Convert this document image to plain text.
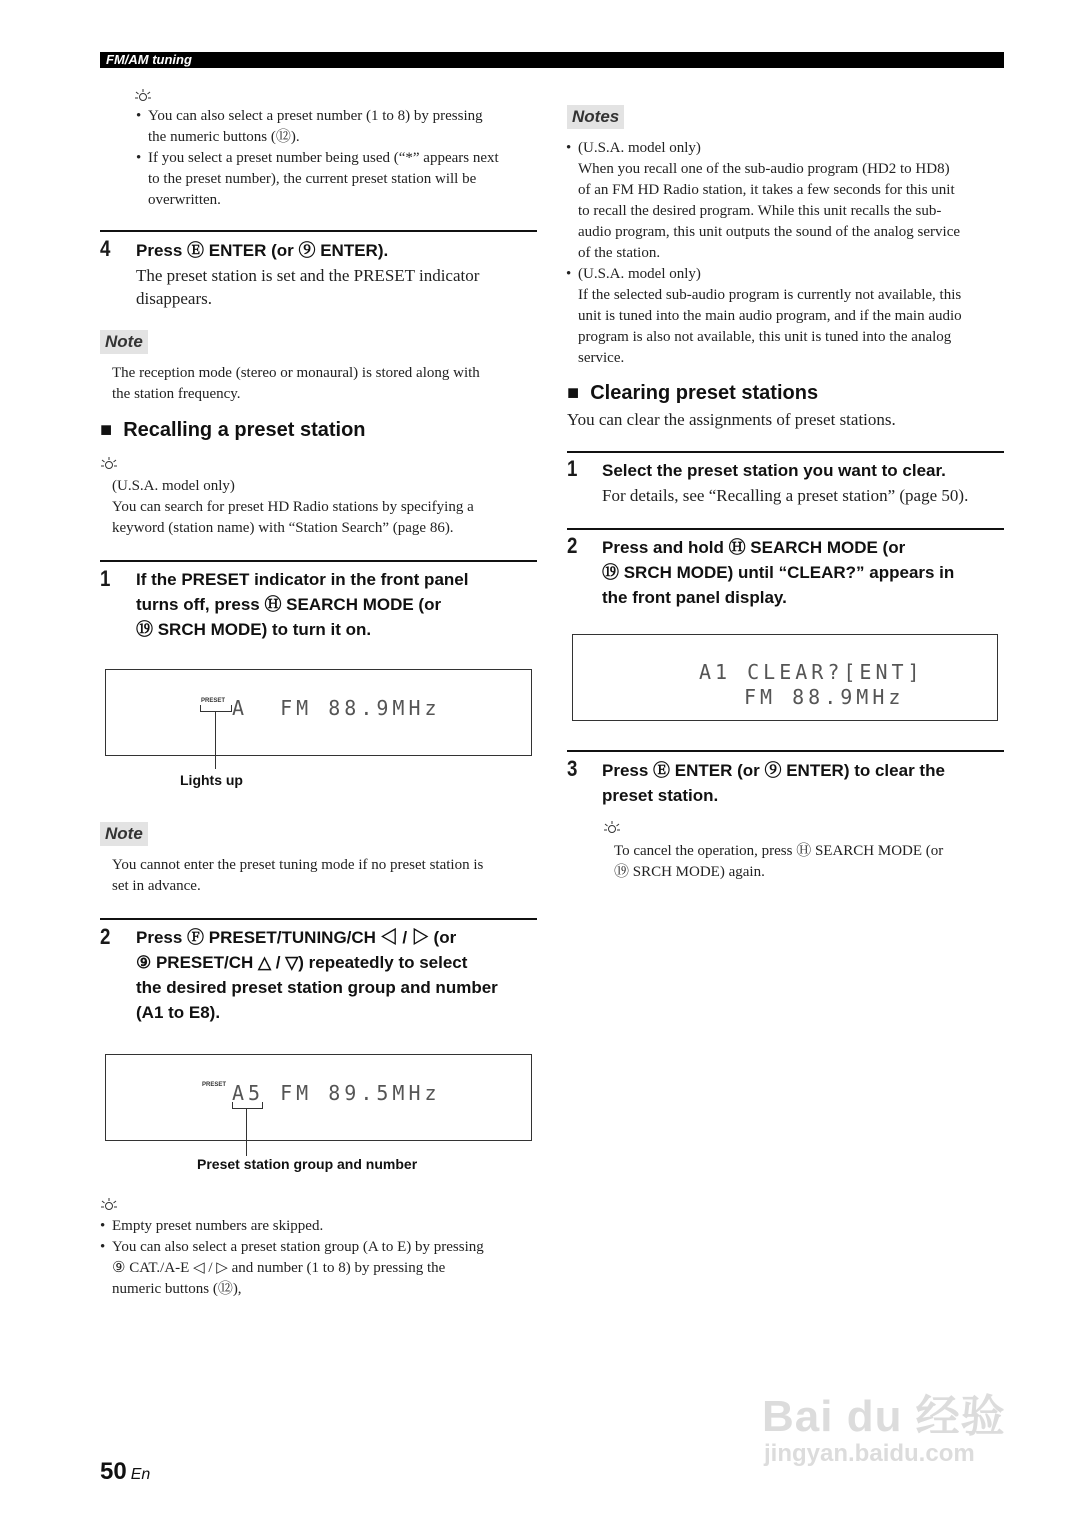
FM/AM tuning
• You can also select a preset number (1 to 8) by pressing
the numeric buttons (⑫).
• If you select a preset number being used (“*” appears next
to the preset number), the current preset station will be
overwritten.
4 Press Ⓔ ENTER (or ⑨ ENTER).
The preset station is set and the PRESET indicator
disappears.
Note
The reception mode (stereo or monaural) is stored along with
the station frequency.
■ Recalling a preset station
(U.S.A. model only)
You can search for preset HD Radio stations by specifying a
keyword (station name) with “Station Search” (page 86).
1 If the PRESET indicator in the front panel
turns off, press Ⓗ SEARCH MODE (or
⑲ SRCH MODE) to turn it on.
PRESET A  FM 88.9MHz
Lights up
Note
You cannot enter the preset tuning mode if no preset station is
set in advance.
2 Press Ⓕ PRESET/TUNING/CH ◁ / ▷ (or
⑨ PRESET/CH △ / ▽) repeatedly to select
the desired preset station group and number
(A1 to E8).
PRESET A5 FM 89.5MHz
Preset station group and number
• Empty preset numbers are skipped.
• You can also select a preset station group (A to E) by pressing
⑨ CAT./A-E ◁ / ▷ and number (1 to 8) by pressing the
numeric buttons (⑫),
Notes
• (U.S.A. model only)
When you recall one of the sub-audio program (HD2 to HD8)
of an FM HD Radio station, it takes a few seconds for this unit
to recall the desired program. While this unit recalls the sub-
audio program, this unit outputs the sound of the analog service
of the station.
• (U.S.A. model only)
If the selected sub-audio program is currently not available, this
unit is tuned into the main audio program, and if the main audio
program is also not available, this unit is tuned into the analog
service.
■ Clearing preset stations
You can clear the assignments of preset stations.
1 Select the preset station you want to clear.
For details, see “Recalling a preset station” (page 50).
2 Press and hold Ⓗ SEARCH MODE (or
⑲ SRCH MODE) until “CLEAR?” appears in
the front panel display.
A1 CLEAR?[ENT]
FM 88.9MHz
3 Press Ⓔ ENTER (or ⑨ ENTER) to clear the
preset station.
To cancel the operation, press Ⓗ SEARCH MODE (or
⑲ SRCH MODE) again.
50 En
Bai du 经验
jingyan.baidu.com
